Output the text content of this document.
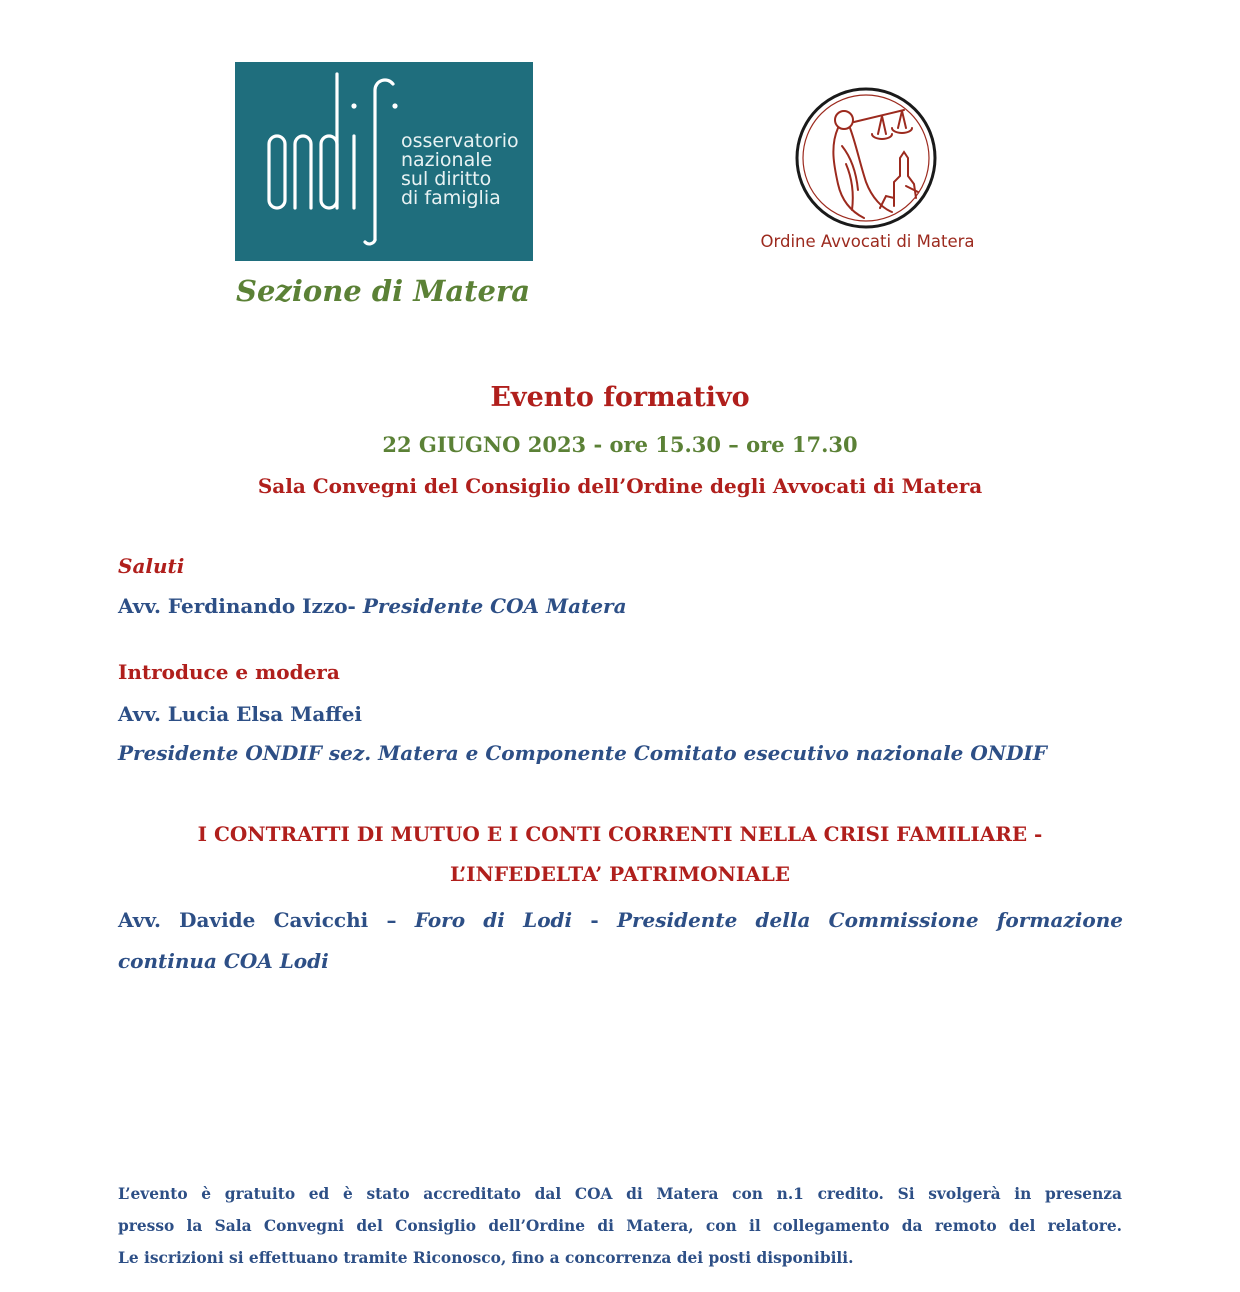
osservatorio
nazionale
sul diritto
di famiglia
Sezione di Matera
Ordine Avvocati di Matera
Evento formativo
22 GIUGNO 2023 - ore 15.30 – ore 17.30
Sala Convegni del Consiglio dell’Ordine degli Avvocati di Matera
Saluti
Avv. Ferdinando Izzo- Presidente COA Matera
Introduce e modera
Avv. Lucia Elsa Maffei
Presidente ONDIF sez. Matera e Componente Comitato esecutivo nazionale ONDIF
I CONTRATTI DI MUTUO E I CONTI CORRENTI NELLA CRISI FAMILIARE -
L’INFEDELTA’ PATRIMONIALE
Avv. Davide Cavicchi – Foro di Lodi - Presidente della Commissione formazione
continua COA Lodi
L’evento è gratuito ed è stato accreditato dal COA di Matera con n.1 credito. Si svolgerà in presenza
presso la Sala Convegni del Consiglio dell’Ordine di Matera, con il collegamento da remoto del relatore.
Le iscrizioni si effettuano tramite Riconosco, fino a concorrenza dei posti disponibili.
